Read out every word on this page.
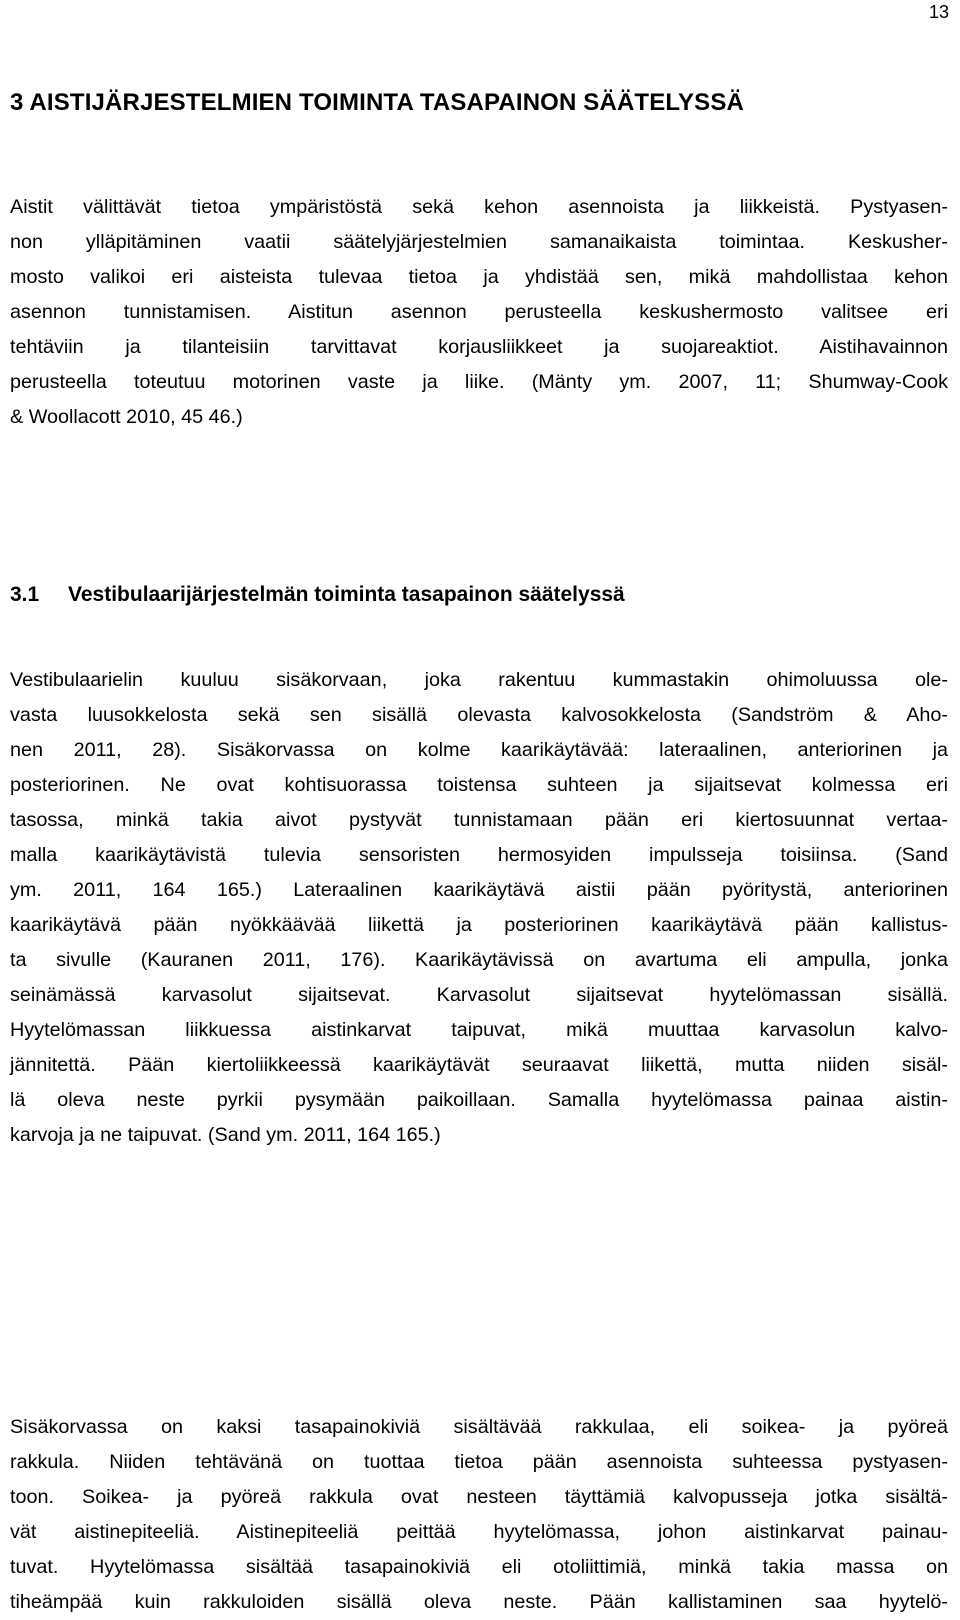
13
3 AISTIJÄRJESTELMIEN TOIMINTA TASAPAINON SÄÄTELYSSÄ

Aistit välittävät tietoa ympäristöstä sekä kehon asennoista ja liikkeistä. Pystyasen-
non ylläpitäminen vaatii säätelyjärjestelmien samanaikaista toimintaa. Keskusher-
mosto valikoi eri aisteista tulevaa tietoa ja yhdistää sen, mikä mahdollistaa kehon
asennon tunnistamisen. Aistitun asennon perusteella keskushermosto valitsee eri
tehtäviin ja tilanteisiin tarvittavat korjausliikkeet ja suojareaktiot. Aistihavainnon
perusteella toteutuu motorinen vaste ja liike. (Mänty ym. 2007, 11; Shumway-Cook
& Woollacott 2010, 45 46.)

3.1 Vestibulaarijärjestelmän toiminta tasapainon säätelyssä

Vestibulaarielin kuuluu sisäkorvaan, joka rakentuu kummastakin ohimoluussa ole-
vasta luusokkelosta sekä sen sisällä olevasta kalvosokkelosta (Sandström & Aho-
nen 2011, 28). Sisäkorvassa on kolme kaarikäytävää: lateraalinen, anteriorinen ja
posteriorinen. Ne ovat kohtisuorassa toistensa suhteen ja sijaitsevat kolmessa eri
tasossa, minkä takia aivot pystyvät tunnistamaan pään eri kiertosuunnat vertaa-
malla kaarikäytävistä tulevia sensoristen hermosyiden impulsseja toisiinsa. (Sand
ym. 2011, 164 165.) Lateraalinen kaarikäytävä aistii pään pyöritystä, anteriorinen
kaarikäytävä pään nyökkäävää liikettä ja posteriorinen kaarikäytävä pään kallistus-
ta sivulle (Kauranen 2011, 176). Kaarikäytävissä on avartuma eli ampulla, jonka
seinämässä karvasolut sijaitsevat. Karvasolut sijaitsevat hyytelömassan sisällä.
Hyytelömassan liikkuessa aistinkarvat taipuvat, mikä muuttaa karvasolun kalvo-
jännitettä. Pään kiertoliikkeessä kaarikäytävät seuraavat liikettä, mutta niiden sisäl-
lä oleva neste pyrkii pysymään paikoillaan. Samalla hyytelömassa painaa aistin-
karvoja ja ne taipuvat. (Sand ym. 2011, 164 165.)

Sisäkorvassa on kaksi tasapainokiviä sisältävää rakkulaa, eli soikea- ja pyöreä
rakkula. Niiden tehtävänä on tuottaa tietoa pään asennoista suhteessa pystyasen-
toon. Soikea- ja pyöreä rakkula ovat nesteen täyttämiä kalvopusseja jotka sisältä-
vät aistinepiteeliä. Aistinepiteeliä peittää hyytelömassa, johon aistinkarvat painau-
tuvat. Hyytelömassa sisältää tasapainokiviä eli otoliittimiä, minkä takia massa on
tiheämpää kuin rakkuloiden sisällä oleva neste. Pään kallistaminen saa hyytelö-
